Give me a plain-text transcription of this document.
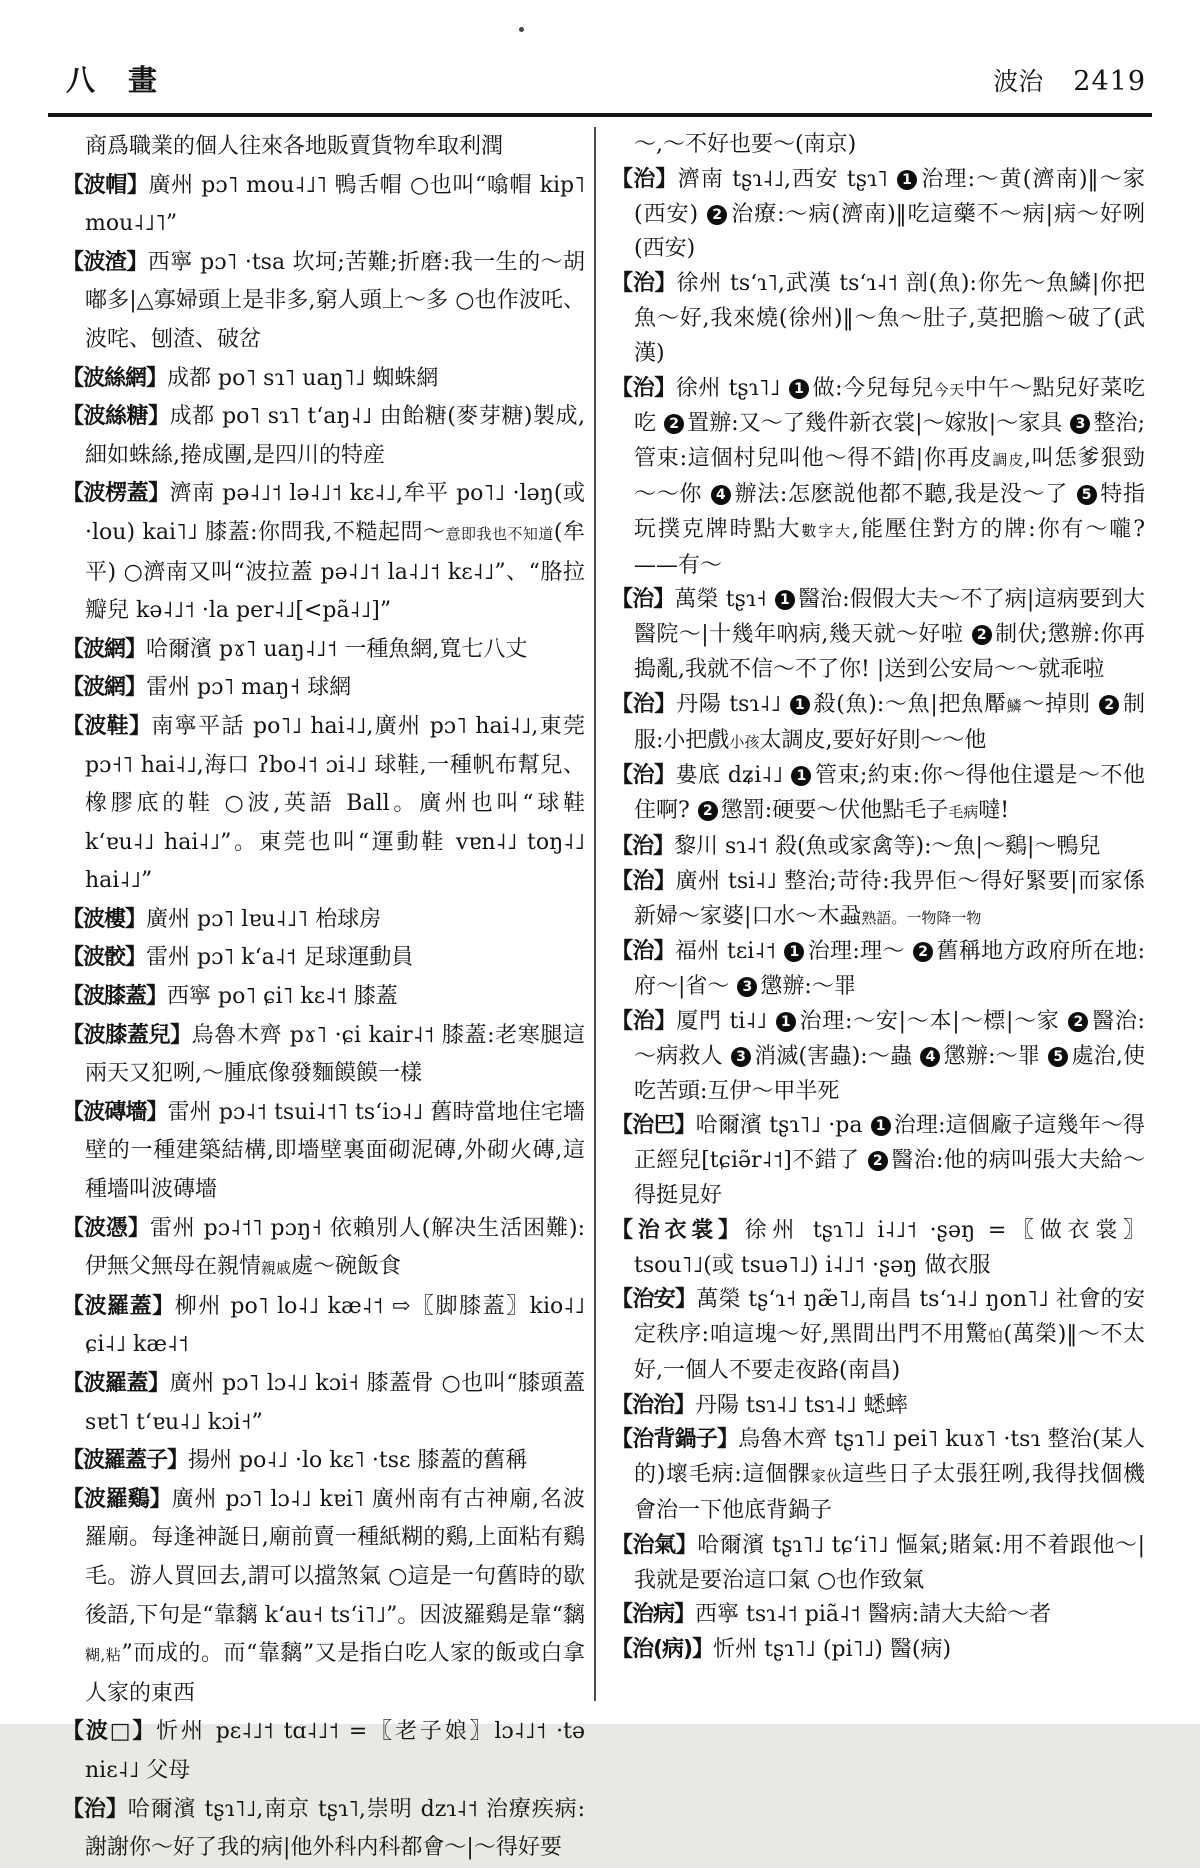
八　畫	波治 2419

商爲職業的個人往來各地販賣貨物牟取利潤

【波帽】廣州 pɔ˥ mou˨˩˥ 鴨舌帽 ○也叫“噏帽 kip˥ mou˨˩˥”

【波渣】西寧 pɔ˥ ·tsa 坎坷;苦難;折磨:我一生的～胡嘟多|△寡婦頭上是非多,窮人頭上～多 ○也作波吒、波咤、刨渣、破岔

【波絲網】成都 po˥ sɿ˥ uaŋ˥˩ 蜘蛛網

【波絲糖】成都 po˥ sɿ˥ tʻaŋ˨˩ 由飴糖(麥芽糖)製成,細如蛛絲,捲成團,是四川的特産

【波楞蓋】濟南 pə˨˩˦ lə˨˩˦ kɛ˨˩,牟平 po˥˩ ·ləŋ(或 ·lou) kai˥˩ 膝蓋:你問我,不糙起問～意即我也不知道(牟平) ○濟南又叫“波拉蓋 pə˨˩˦ la˨˩˦ kɛ˨˩”、“胳拉瓣兒 kə˨˩˦ ·la per˨˩[<pã˨˩]”

【波網】哈爾濱 pɤ˥ uaŋ˨˩˦ 一種魚網,寬七八丈

【波網】雷州 pɔ˥ maŋ˧ 球網

【波鞋】南寧平話 po˥˩ hai˨˩,廣州 pɔ˥ hai˨˩,東莞 pɔ˧˥ hai˨˩,海口 ʔbo˨˦ ɔi˨˩ 球鞋,一種帆布幫兒、橡膠底的鞋 ○波,英語 Ball。廣州也叫“球鞋 kʻɐu˨˩ hai˨˩”。東莞也叫“運動鞋 vɐn˨˩ toŋ˨˩ hai˨˩”

【波樓】廣州 pɔ˥ lɐu˨˩˥ 枱球房

【波骹】雷州 pɔ˥ kʻa˨˦ 足球運動員

【波膝蓋】西寧 po˥ ɕi˥ kɛ˨˦ 膝蓋

【波膝蓋兒】烏魯木齊 pɤ˥ ·ɕi kair˨˦ 膝蓋:老寒腿這兩天又犯咧,～腫底像發麵饃饃一樣

【波磚墻】雷州 pɔ˨˦ tsui˨˦˥ tsʻiɔ˨˩ 舊時當地住宅墻壁的一種建築結構,即墻壁裏面砌泥磚,外砌火磚,這種墻叫波磚墻

【波憑】雷州 pɔ˨˦˥ pɔŋ˧ 依賴別人(解决生活困難):伊無父無母在親情親戚處～碗飯食

【波羅蓋】柳州 po˥ lo˨˩ kæ˨˦ ⇨〖脚膝蓋〗kio˨˩ ɕi˨˩ kæ˨˦

【波羅蓋】廣州 pɔ˥ lɔ˨˩ kɔi˧ 膝蓋骨 ○也叫“膝頭蓋 sɐt˥ tʻɐu˨˩ kɔi˧”

【波羅蓋子】揚州 po˨˩ ·lo kɛ˥ ·tsɛ 膝蓋的舊稱

【波羅鷄】廣州 pɔ˥ lɔ˨˩ kɐi˥ 廣州南有古神廟,名波羅廟。每逢神誕日,廟前賣一種紙糊的鷄,上面粘有鷄毛。游人買回去,謂可以擋煞氣 ○這是一句舊時的歇後語,下句是“靠黐 kʻau˧ tsʻi˥˩”。因波羅鷄是靠“黐糊,粘”而成的。而“靠黐”又是指白吃人家的飯或白拿人家的東西

【波□】忻州 pɛ˨˩˦ tɑ˨˩˦ =〖老子娘〗lɔ˨˩˦ ·tə niɛ˨˩ 父母

【治】哈爾濱 tʂɿ˥˩,南京 tʂɿ˥,崇明 dzɿ˨˦ 治療疾病:謝謝你～好了我的病|他外科内科都會～|～得好要

～,～不好也要～(南京)

【治】濟南 tʂɿ˨˩,西安 tʂɿ˥ 1 治理:～黄(濟南)‖～家(西安) 2 治療:～病(濟南)‖吃這藥不～病|病～好咧(西安)

【治】徐州 tsʻɿ˥,武漢 tsʻɿ˨˦ 剖(魚):你先～魚鱗|你把魚～好,我來燒(徐州)‖～魚～肚子,莫把膽～破了(武漢)

【治】徐州 tʂɿ˥˩ 1 做:今兒每兒今天中午～點兒好菜吃吃 2 置辦:又～了幾件新衣裳|～嫁妝|～家具 3 整治;管束:這個村兒叫他～得不錯|你再皮調皮,叫恁爹狠勁～～你 4 辦法:怎麽説他都不聽,我是没～了 5 特指玩撲克牌時點大數字大,能壓住對方的牌:你有～嚨? ——有～

【治】萬榮 tʂɿ˧ 1 醫治:假假大夫～不了病|這病要到大醫院～|十幾年吶病,幾天就～好啦 2 制伏;懲辦:你再搗亂,我就不信～不了你! |送到公安局～～就乖啦

【治】丹陽 tsɿ˨˩ 1 殺(魚):～魚|把魚厴鱗～掉則 2 制服:小把戲小孩太調皮,要好好則～～他

【治】婁底 dʑi˨˩ 1 管束;約束:你～得他住還是～不他住啊? 2 懲罰:硬要～伏他點毛子毛病噠!

【治】黎川 sɿ˨˦ 殺(魚或家禽等):～魚|～鷄|～鴨兒

【治】廣州 tsi˨˩ 整治;苛待:我畀佢～得好緊要|而家係新婦～家婆|口水～木蝨熟語。一物降一物

【治】福州 tɛi˨˦ 1 治理:理～ 2 舊稱地方政府所在地:府～|省～ 3 懲辦:～罪

【治】厦門 ti˨˩ 1 治理:～安|～本|～標|～家 2 醫治:～病救人 3 消滅(害蟲):～蟲 4 懲辦:～罪 5 處治,使吃苦頭:互伊～甲半死

【治巴】哈爾濱 tʂɿ˥˩ ·pa 1 治理:這個廠子這幾年～得正經兒[tɕiə̃r˨˦]不錯了 2 醫治:他的病叫張大夫給～得挺見好

【治衣裳】徐州 tʂɿ˥˩ i˨˩˦ ·ʂəŋ =〖做衣裳〗tsou˥˩(或 tsuə˥˩) i˨˩˦ ·ʂəŋ 做衣服

【治安】萬榮 tʂʻɿ˧ ŋæ̃˥˩,南昌 tsʻɿ˨˩ ŋon˥˩ 社會的安定秩序:咱這塊～好,黑間出門不用驚怕(萬榮)‖～不太好,一個人不要走夜路(南昌)

【治治】丹陽 tsɿ˨˩ tsɿ˨˩ 蟋蟀

【治背鍋子】烏魯木齊 tʂɿ˥˩ pei˥ kuɤ˥ ·tsɿ 整治(某人的)壞毛病:這個髁家伙這些日子太張狂咧,我得找個機會治一下他底背鍋子

【治氣】哈爾濱 tʂɿ˥˩ tɕʻi˥˩ 慪氣;賭氣:用不着跟他～|我就是要治這口氣 ○也作致氣

【治病】西寧 tsɿ˨˦ piã˨˦ 醫病:請大夫給～者

【治(病)】忻州 tʂɿ˥˩ (pi˥˩) 醫(病)
